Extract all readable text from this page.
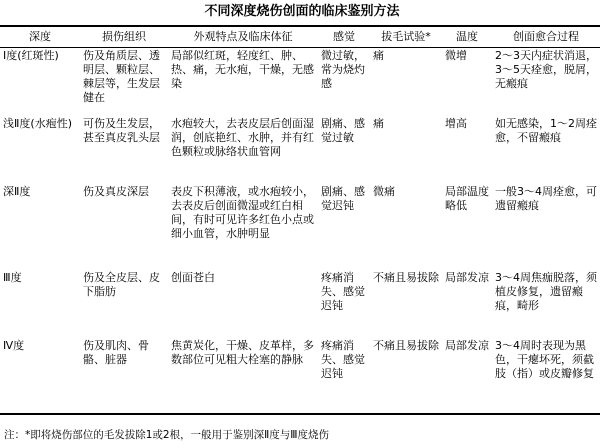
不同深度烧伤创面的临床鉴别方法
深度	损伤组织	外观特点及临床体征	感觉	拔毛试验*	温度	创面愈合过程
Ⅰ度(红斑性)	伤及角质层、透明层、颗粒层、棘层等，生发层健在	局部似红斑，轻度红、肿、热、痛，无水疱，干燥，无感染	微过敏，常为烧灼感	痛	微增	2～3天内症状消退，3～5天痊愈，脱屑，无瘢痕
浅Ⅱ度(水疱性)	可伤及生发层，甚至真皮乳头层	水疱较大，去表皮层后创面湿润，创底艳红、水肿，并有红色颗粒或脉络状血管网	剧痛、感觉过敏	痛	增高	如无感染，1～2周痊愈，不留瘢痕
深Ⅱ度	伤及真皮深层	表皮下积薄液，或水疱较小，去表皮后创面微湿或红白相间，有时可见许多红色小点或细小血管，水肿明显	剧痛、感觉迟钝	微痛	局部温度略低	一般3～4周痊愈，可遗留瘢痕
Ⅲ度	伤及全皮层、皮下脂肪	创面苍白	疼痛消失、感觉迟钝	不痛且易拔除	局部发凉	3～4周焦痂脱落，须植皮修复，遗留瘢痕，畸形
Ⅳ度	伤及肌肉、骨骼、脏器	焦黄炭化，干燥、皮革样，多数部位可见粗大栓塞的静脉	疼痛消失、感觉迟钝	不痛且易拔除	局部发凉	3～4周时表现为黑色，干瘪坏死，须截肢（指）或皮瓣修复
注：*即将烧伤部位的毛发拔除1或2根，一般用于鉴别深Ⅱ度与Ⅲ度烧伤
